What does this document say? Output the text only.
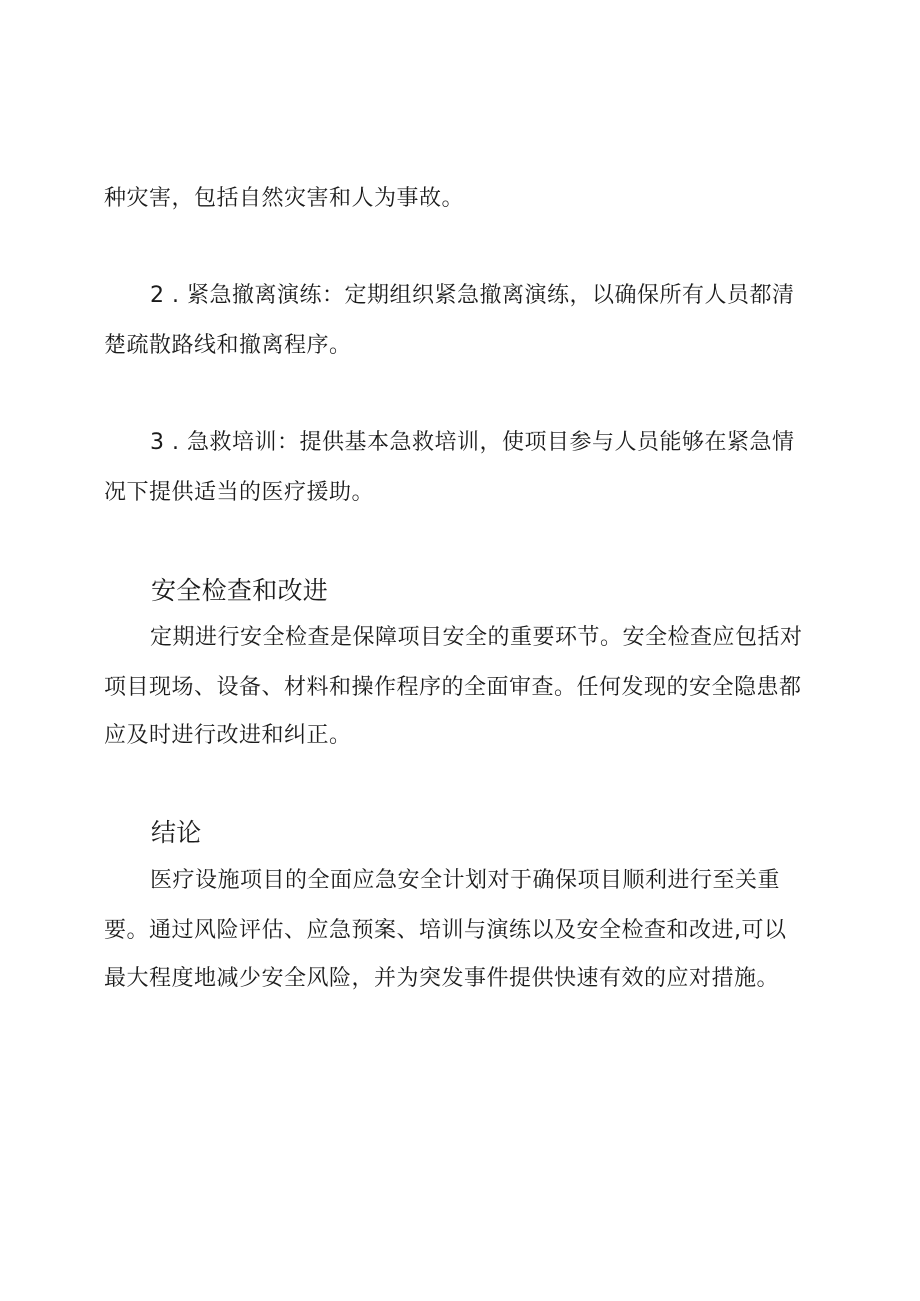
种灾害，包括自然灾害和人为事故。

2 . 紧急撤离演练：定期组织紧急撤离演练，以确保所有人员都清

楚疏散路线和撤离程序。

3 . 急救培训：提供基本急救培训，使项目参与人员能够在紧急情

况下提供适当的医疗援助。

安全检查和改进

定期进行安全检查是保障项目安全的重要环节。安全检查应包括对

项目现场、设备、材料和操作程序的全面审查。任何发现的安全隐患都

应及时进行改进和纠正。

结论

医疗设施项目的全面应急安全计划对于确保项目顺利进行至关重

要。通过风险评估、应急预案、培训与演练以及安全检查和改进,可以

最大程度地减少安全风险，并为突发事件提供快速有效的应对措施。
